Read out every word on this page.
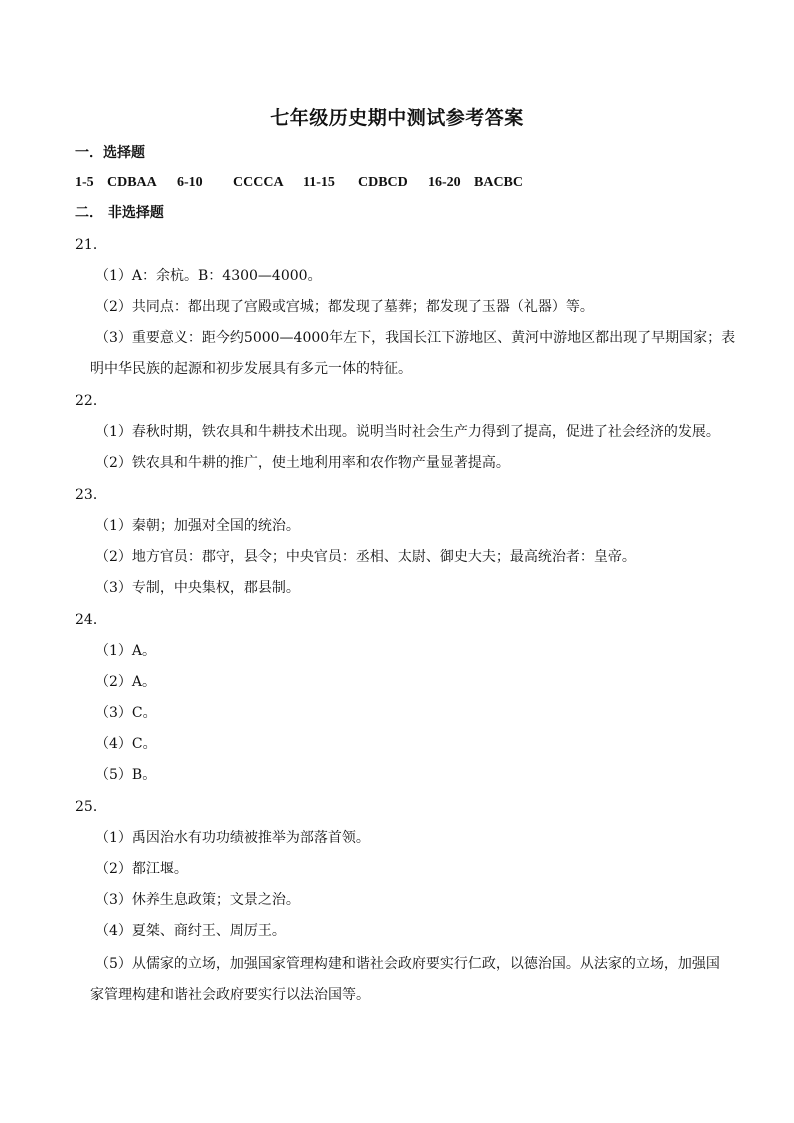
七年级历史期中测试参考答案
一．选择题
1-5 CDBAA 6-10 CCCCA 11-15 CDBCD 16-20 BACBC
二． 非选择题
21．
（1）A：余杭。B：4300—4000。
（2）共同点：都出现了宫殿或宫城；都发现了墓葬；都发现了玉器（礼器）等。
（3）重要意义：距今约5000—4000年左下，我国长江下游地区、黄河中游地区都出现了早期国家；表
明中华民族的起源和初步发展具有多元一体的特征。
22．
（1）春秋时期，铁农具和牛耕技术出现。说明当时社会生产力得到了提高，促进了社会经济的发展。
（2）铁农具和牛耕的推广，使土地利用率和农作物产量显著提高。
23．
（1）秦朝；加强对全国的统治。
（2）地方官员：郡守，县令；中央官员：丞相、太尉、御史大夫；最高统治者：皇帝。
（3）专制，中央集权，郡县制。
24．
（1）A。
（2）A。
（3）C。
（4）C。
（5）B。
25．
（1）禹因治水有功功绩被推举为部落首领。
（2）都江堰。
（3）休养生息政策；文景之治。
（4）夏桀、商纣王、周厉王。
（5）从儒家的立场，加强国家管理构建和谐社会政府要实行仁政，以德治国。从法家的立场，加强国
家管理构建和谐社会政府要实行以法治国等。
